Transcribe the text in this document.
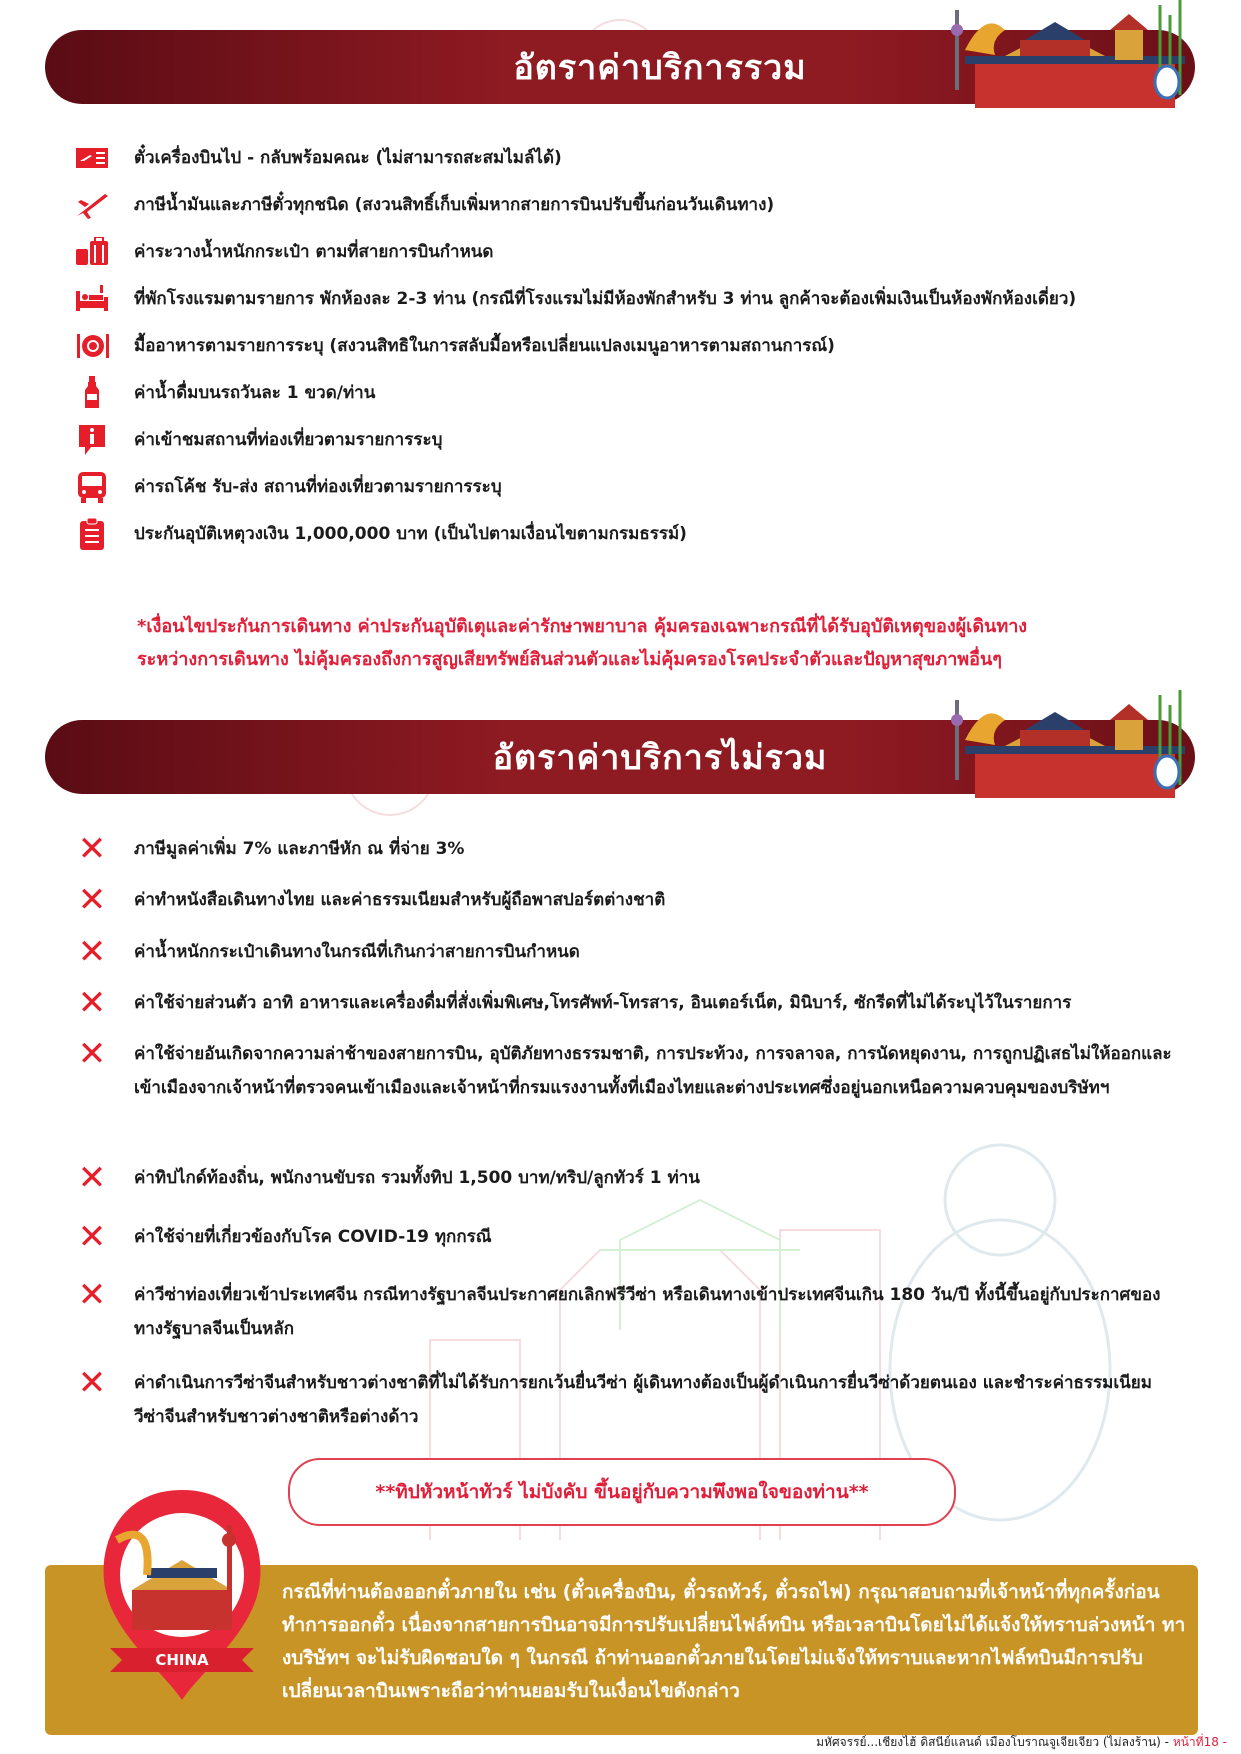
อัตราค่าบริการรวม
ตั๋วเครื่องบินไป - กลับพร้อมคณะ (ไม่สามารถสะสมไมล์ได้)
ภาษีน้ำมันและภาษีตั๋วทุกชนิด (สงวนสิทธิ์เก็บเพิ่มหากสายการบินปรับขึ้นก่อนวันเดินทาง)
ค่าระวางน้ำหนักกระเป๋า ตามที่สายการบินกำหนด
ที่พักโรงแรมตามรายการ พักห้องละ 2-3 ท่าน (กรณีที่โรงแรมไม่มีห้องพักสำหรับ 3 ท่าน ลูกค้าจะต้องเพิ่มเงินเป็นห้องพักห้องเดี่ยว)
มื้ออาหารตามรายการระบุ (สงวนสิทธิในการสลับมื้อหรือเปลี่ยนแปลงเมนูอาหารตามสถานการณ์)
ค่าน้ำดื่มบนรถวันละ 1 ขวด/ท่าน
ค่าเข้าชมสถานที่ท่องเที่ยวตามรายการระบุ
ค่ารถโค้ช รับ-ส่ง สถานที่ท่องเที่ยวตามรายการระบุ
ประกันอุบัติเหตุวงเงิน 1,000,000 บาท (เป็นไปตามเงื่อนไขตามกรมธรรม์)
*เงื่อนไขประกันการเดินทาง ค่าประกันอุบัติเตุและค่ารักษาพยาบาล คุ้มครองเฉพาะกรณีที่ได้รับอุบัติเหตุของผู้เดินทาง
ระหว่างการเดินทาง ไม่คุ้มครองถึงการสูญเสียทรัพย์สินส่วนตัวและไม่คุ้มครองโรคประจำตัวและปัญหาสุขภาพอื่นๆ
อัตราค่าบริการไม่รวม
✕ ภาษีมูลค่าเพิ่ม 7% และภาษีหัก ณ ที่จ่าย 3%
✕ ค่าทำหนังสือเดินทางไทย และค่าธรรมเนียมสำหรับผู้ถือพาสปอร์ตต่างชาติ
✕ ค่าน้ำหนักกระเป๋าเดินทางในกรณีที่เกินกว่าสายการบินกำหนด
✕ ค่าใช้จ่ายส่วนตัว อาทิ อาหารและเครื่องดื่มที่สั่งเพิ่มพิเศษ,โทรศัพท์-โทรสาร, อินเตอร์เน็ต, มินิบาร์, ซักรีดที่ไม่ได้ระบุไว้ในรายการ
✕ ค่าใช้จ่ายอันเกิดจากความล่าช้าของสายการบิน, อุบัติภัยทางธรรมชาติ, การประท้วง, การจลาจล, การนัดหยุดงาน, การถูกปฏิเสธไม่ให้ออกและเข้าเมืองจากเจ้าหน้าที่ตรวจคนเข้าเมืองและเจ้าหน้าที่กรมแรงงานทั้งที่เมืองไทยและต่างประเทศซึ่งอยู่นอกเหนือความควบคุมของบริษัทฯ
✕ ค่าทิปไกด์ท้องถิ่น, พนักงานขับรถ รวมทั้งทิป 1,500 บาท/ทริป/ลูกทัวร์ 1 ท่าน
✕ ค่าใช้จ่ายที่เกี่ยวข้องกับโรค COVID-19 ทุกกรณี
✕ ค่าวีซ่าท่องเที่ยวเข้าประเทศจีน กรณีทางรัฐบาลจีนประกาศยกเลิกฟรีวีซ่า หรือเดินทางเข้าประเทศจีนเกิน 180 วัน/ปี ทั้งนี้ขึ้นอยู่กับประกาศของทางรัฐบาลจีนเป็นหลัก
✕ ค่าดำเนินการวีซ่าจีนสำหรับชาวต่างชาติที่ไม่ได้รับการยกเว้นยื่นวีซ่า ผู้เดินทางต้องเป็นผู้ดำเนินการยื่นวีซ่าด้วยตนเอง และชำระค่าธรรมเนียมวีซ่าจีนสำหรับชาวต่างชาติหรือต่างด้าว
**ทิปหัวหน้าทัวร์ ไม่บังคับ ขึ้นอยู่กับความพึงพอใจของท่าน**
CHINA
กรณีที่ท่านต้องออกตั๋วภายใน เช่น (ตั๋วเครื่องบิน, ตั๋วรถทัวร์, ตั๋วรถไฟ) กรุณาสอบถามที่เจ้าหน้าที่ทุกครั้งก่อนทำการออกตั๋ว เนื่องจากสายการบินอาจมีการปรับเปลี่ยนไฟล์ทบิน หรือเวลาบินโดยไม่ได้แจ้งให้ทราบล่วงหน้า ทางบริษัทฯ จะไม่รับผิดชอบใด ๆ ในกรณี ถ้าท่านออกตั๋วภายในโดยไม่แจ้งให้ทราบและหากไฟล์ทบินมีการปรับเปลี่ยนเวลาบินเพราะถือว่าท่านยอมรับในเงื่อนไขดังกล่าว
มหัศจรรย์...เชียงไฮ้ ดิสนีย์แลนด์ เมืองโบราณจูเจียเจียว (ไม่ลงร้าน) - หน้าที่18 -
